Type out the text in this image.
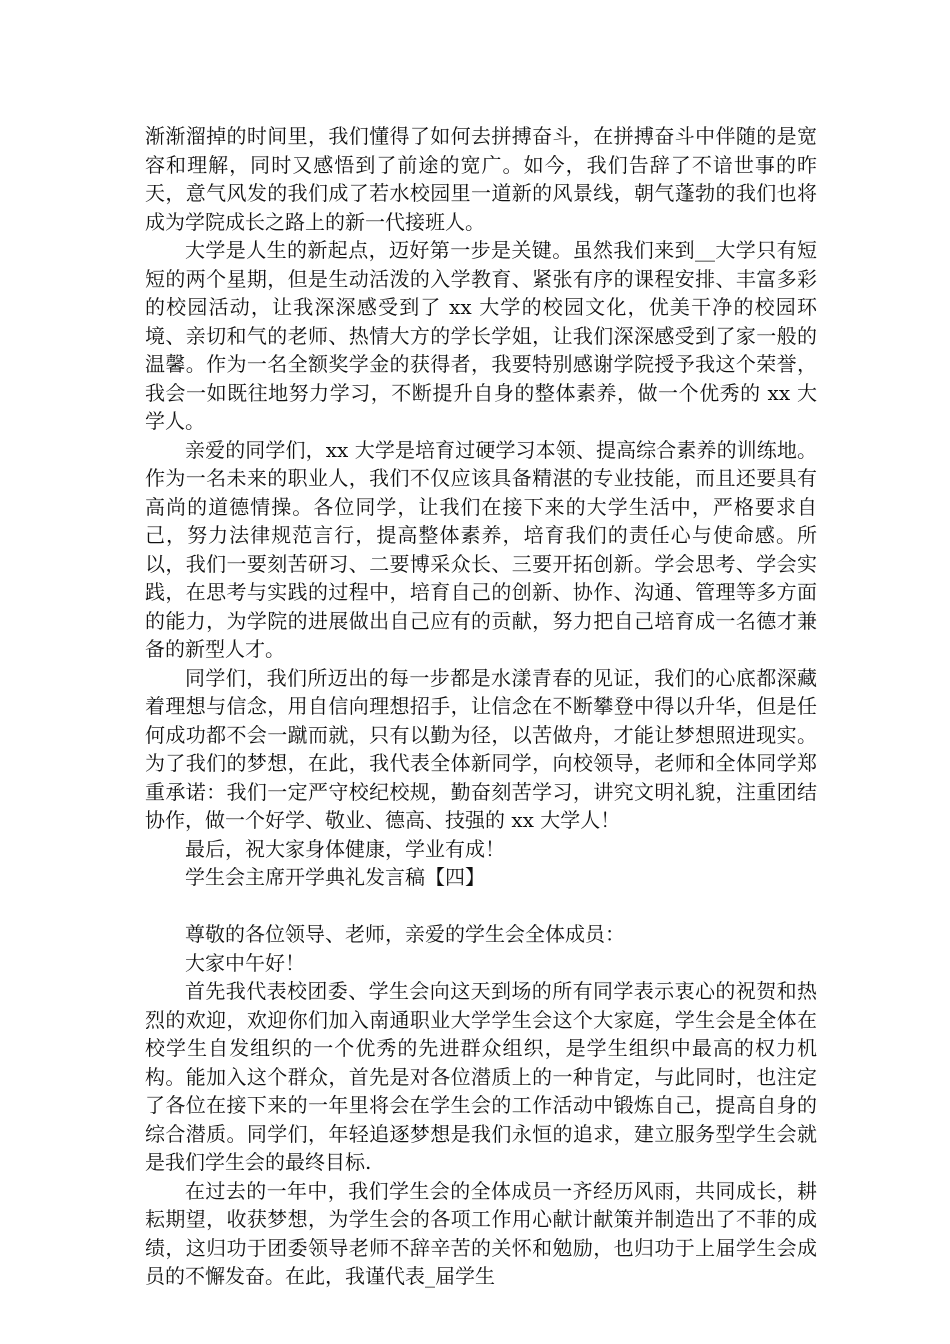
渐渐溜掉的时间里，我们懂得了如何去拼搏奋斗，在拼搏奋斗中伴随的是宽容和理解，同时又感悟到了前途的宽广。如今，我们告辞了不谙世事的昨天，意气风发的我们成了若水校园里一道新的风景线，朝气蓬勃的我们也将成为学院成长之路上的新一代接班人。

大学是人生的新起点，迈好第一步是关键。虽然我们来到__大学只有短短的两个星期，但是生动活泼的入学教育、紧张有序的课程安排、丰富多彩的校园活动，让我深深感受到了 xx 大学的校园文化，优美干净的校园环境、亲切和气的老师、热情大方的学长学姐，让我们深深感受到了家一般的温馨。作为一名全额奖学金的获得者，我要特别感谢学院授予我这个荣誉，我会一如既往地努力学习，不断提升自身的整体素养，做一个优秀的 xx 大学人。

亲爱的同学们，xx 大学是培育过硬学习本领、提高综合素养的训练地。作为一名未来的职业人，我们不仅应该具备精湛的专业技能，而且还要具有高尚的道德情操。各位同学，让我们在接下来的大学生活中，严格要求自己，努力法律规范言行，提高整体素养，培育我们的责任心与使命感。所以，我们一要刻苦研习、二要博采众长、三要开拓创新。学会思考、学会实践，在思考与实践的过程中，培育自己的创新、协作、沟通、管理等多方面的能力，为学院的进展做出自己应有的贡献，努力把自己培育成一名德才兼备的新型人才。

同学们，我们所迈出的每一步都是水漾青春的见证，我们的心底都深藏着理想与信念，用自信向理想招手，让信念在不断攀登中得以升华，但是任何成功都不会一蹴而就，只有以勤为径，以苦做舟，才能让梦想照进现实。为了我们的梦想，在此，我代表全体新同学，向校领导，老师和全体同学郑重承诺：我们一定严守校纪校规，勤奋刻苦学习，讲究文明礼貌，注重团结协作，做一个好学、敬业、德高、技强的 xx 大学人！

最后，祝大家身体健康，学业有成！

学生会主席开学典礼发言稿【四】

尊敬的各位领导、老师，亲爱的学生会全体成员：

大家中午好！

首先我代表校团委、学生会向这天到场的所有同学表示衷心的祝贺和热烈的欢迎，欢迎你们加入南通职业大学学生会这个大家庭，学生会是全体在校学生自发组织的一个优秀的先进群众组织，是学生组织中最高的权力机构。能加入这个群众，首先是对各位潜质上的一种肯定，与此同时，也注定了各位在接下来的一年里将会在学生会的工作活动中锻炼自己，提高自身的综合潜质。同学们，年轻追逐梦想是我们永恒的追求，建立服务型学生会就是我们学生会的最终目标.

在过去的一年中，我们学生会的全体成员一齐经历风雨，共同成长，耕耘期望，收获梦想，为学生会的各项工作用心献计献策并制造出了不菲的成绩，这归功于团委领导老师不辞辛苦的关怀和勉励，也归功于上届学生会成员的不懈发奋。在此，我谨代表_届学生
